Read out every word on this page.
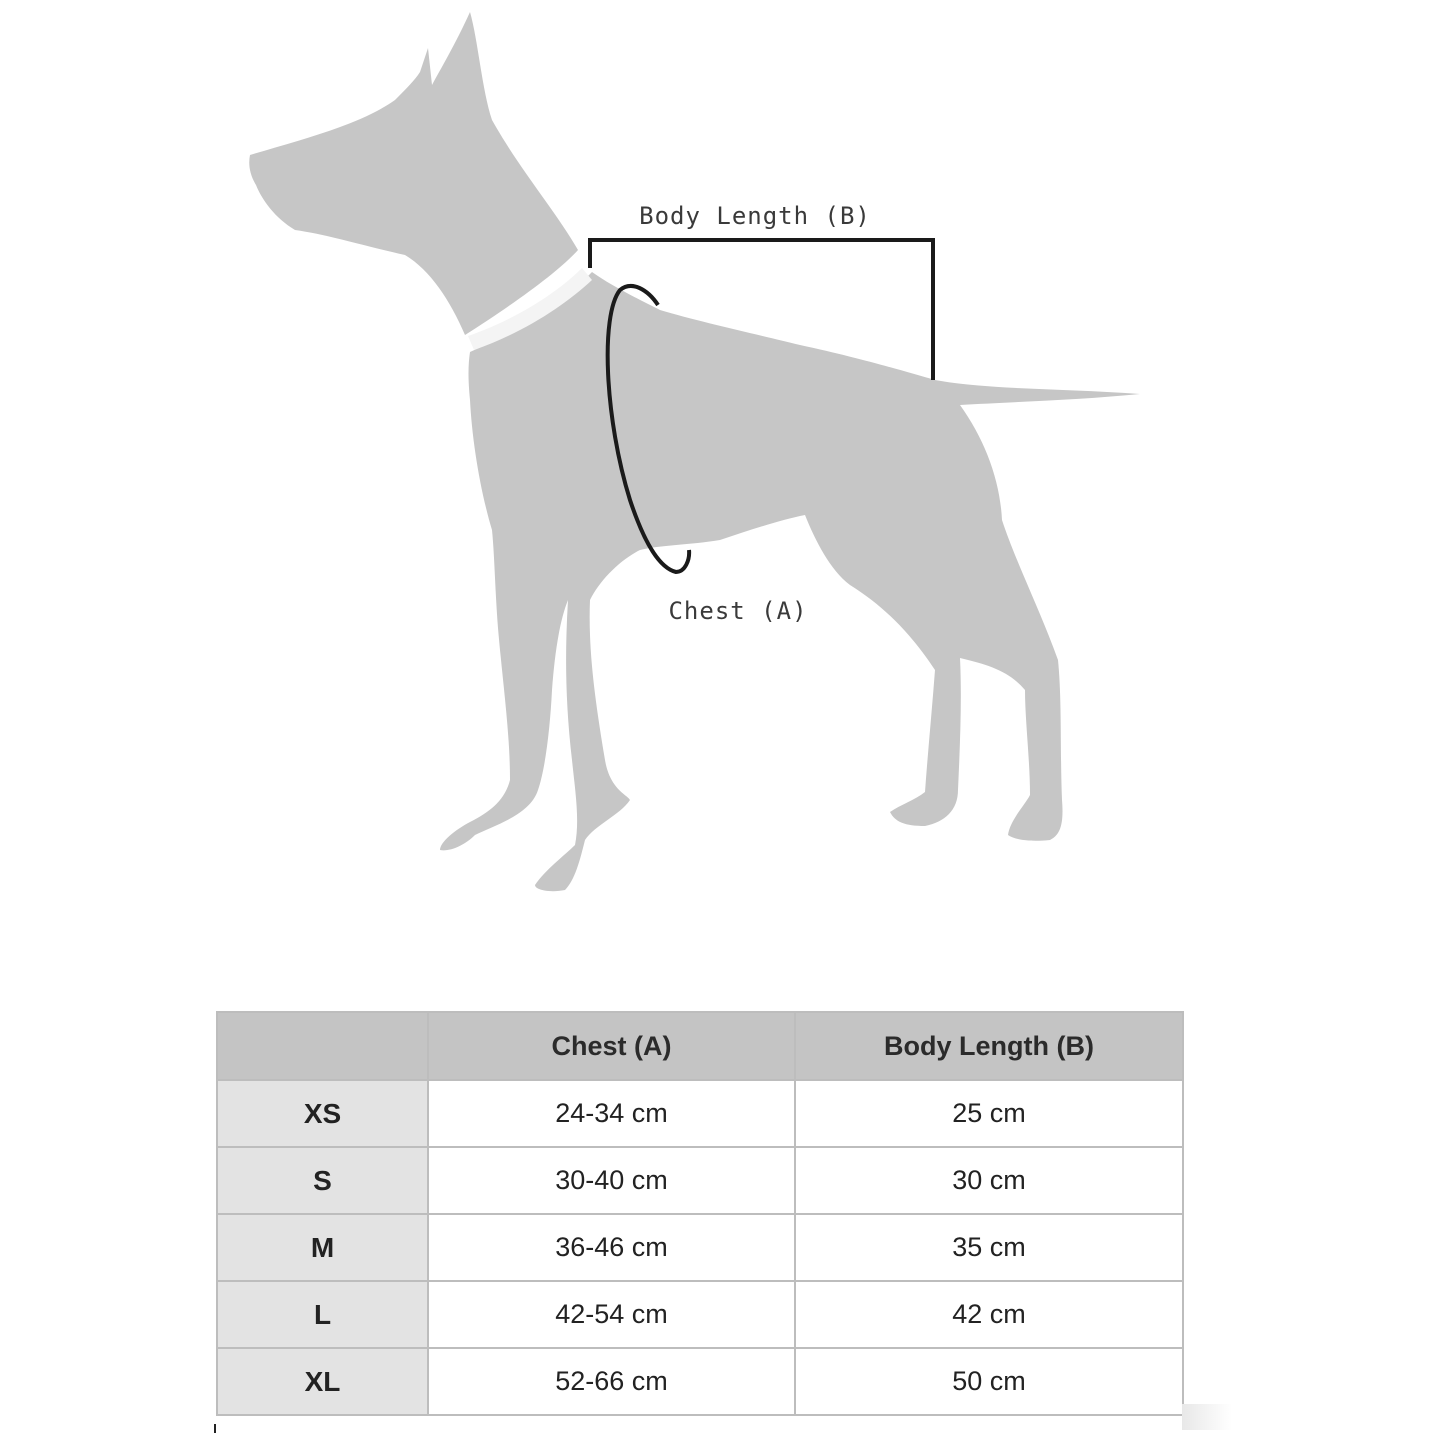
Body Length (B)
Chest (A)
	Chest (A)	Body Length (B)
XS	24-34 cm	25 cm
S	30-40 cm	30 cm
M	36-46 cm	35 cm
L	42-54 cm	42 cm
XL	52-66 cm	50 cm
